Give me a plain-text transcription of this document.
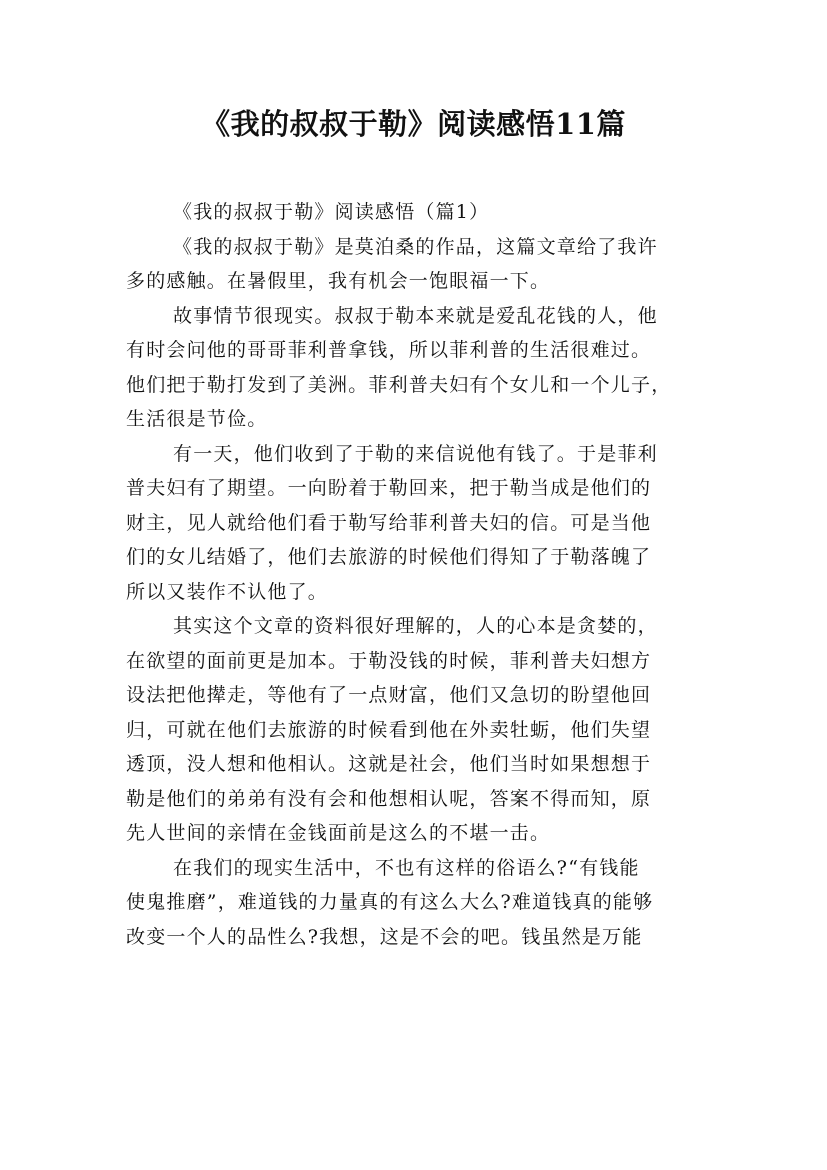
《我的叔叔于勒》阅读感悟11篇
《我的叔叔于勒》阅读感悟（篇1）
《我的叔叔于勒》是莫泊桑的作品，这篇文章给了我许
多的感触。在暑假里，我有机会一饱眼福一下。
故事情节很现实。叔叔于勒本来就是爱乱花钱的人，他
有时会问他的哥哥菲利普拿钱，所以菲利普的生活很难过。
他们把于勒打发到了美洲。菲利普夫妇有个女儿和一个儿子，
生活很是节俭。
有一天，他们收到了于勒的来信说他有钱了。于是菲利
普夫妇有了期望。一向盼着于勒回来，把于勒当成是他们的
财主，见人就给他们看于勒写给菲利普夫妇的信。可是当他
们的女儿结婚了，他们去旅游的时候他们得知了于勒落魄了
所以又装作不认他了。
其实这个文章的资料很好理解的，人的心本是贪婪的，
在欲望的面前更是加本。于勒没钱的时候，菲利普夫妇想方
设法把他撵走，等他有了一点财富，他们又急切的盼望他回
归，可就在他们去旅游的时候看到他在外卖牡蛎，他们失望
透顶，没人想和他相认。这就是社会，他们当时如果想想于
勒是他们的弟弟有没有会和他想相认呢，答案不得而知，原
先人世间的亲情在金钱面前是这么的不堪一击。
在我们的现实生活中，不也有这样的俗语么?“有钱能
使鬼推磨”，难道钱的力量真的有这么大么?难道钱真的能够
改变一个人的品性么?我想，这是不会的吧。钱虽然是万能
